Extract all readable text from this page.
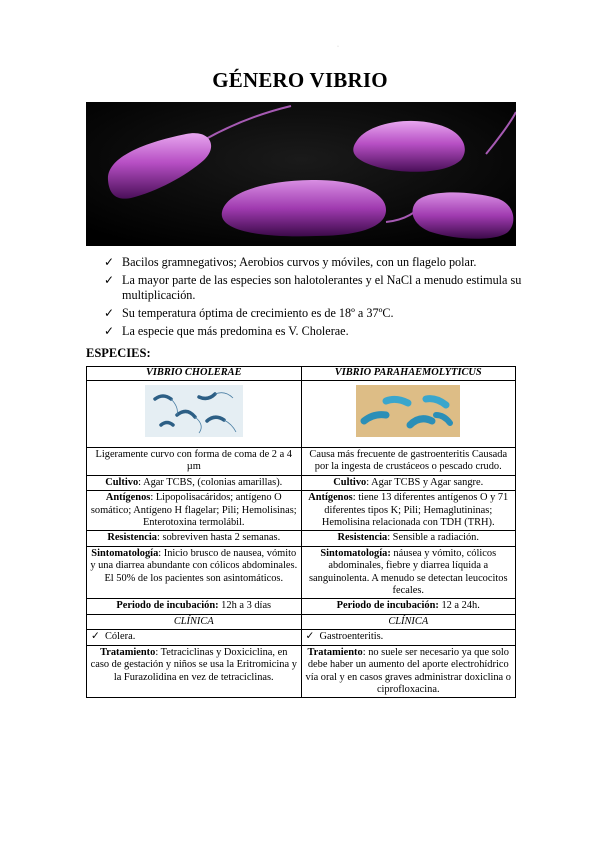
·
GÉNERO VIBRIO
✓ Bacilos gramnegativos; Aerobios curvos y móviles, con un flagelo polar.
✓ La mayor parte de las especies son halotolerantes y el NaCl a menudo estimula su multiplicación.
✓ Su temperatura óptima de crecimiento es de 18º a 37ºC.
✓ La especie que más predomina es V. Cholerae.

ESPECIES:

VIBRIO CHOLERAE	VIBRIO PARAHAEMOLYTICUS

Ligeramente curvo con forma de coma de 2 a 4 µm	Causa más frecuente de gastroenteritis Causada por la ingesta de crustáceos o pescado crudo.
Cultivo: Agar TCBS, (colonias amarillas).	Cultivo: Agar TCBS y Agar sangre.
Antígenos: Lipopolisacáridos; antígeno O somático; Antígeno H flagelar; Pili; Hemolisinas; Enterotoxina termolábil.	Antígenos: tiene 13 diferentes antígenos O y 71 diferentes tipos K; Pili; Hemaglutininas; Hemolisina relacionada con TDH (TRH).
Resistencia: sobreviven hasta 2 semanas.	Resistencia: Sensible a radiación.
Sintomatología: Inicio brusco de nausea, vómito y una diarrea abundante con cólicos abdominales. El 50% de los pacientes son asintomáticos.	Sintomatología: náusea y vómito, cólicos abdominales, fiebre y diarrea líquida a sanguinolenta. A menudo se detectan leucocitos fecales.
Periodo de incubación: 12h a 3 días	Periodo de incubación: 12 a 24h.
CLÍNICA	CLÍNICA

✓ Cólera.	✓ Gastroenteritis.
Tratamiento: Tetraciclinas y Doxiciclina, en caso de gestación y niños se usa la Eritromicina y la Furazolidina en vez de tetraciclinas.	Tratamiento: no suele ser necesario ya que solo debe haber un aumento del aporte electrohídrico vía oral y en casos graves administrar doxiclina o ciprofloxacina.
